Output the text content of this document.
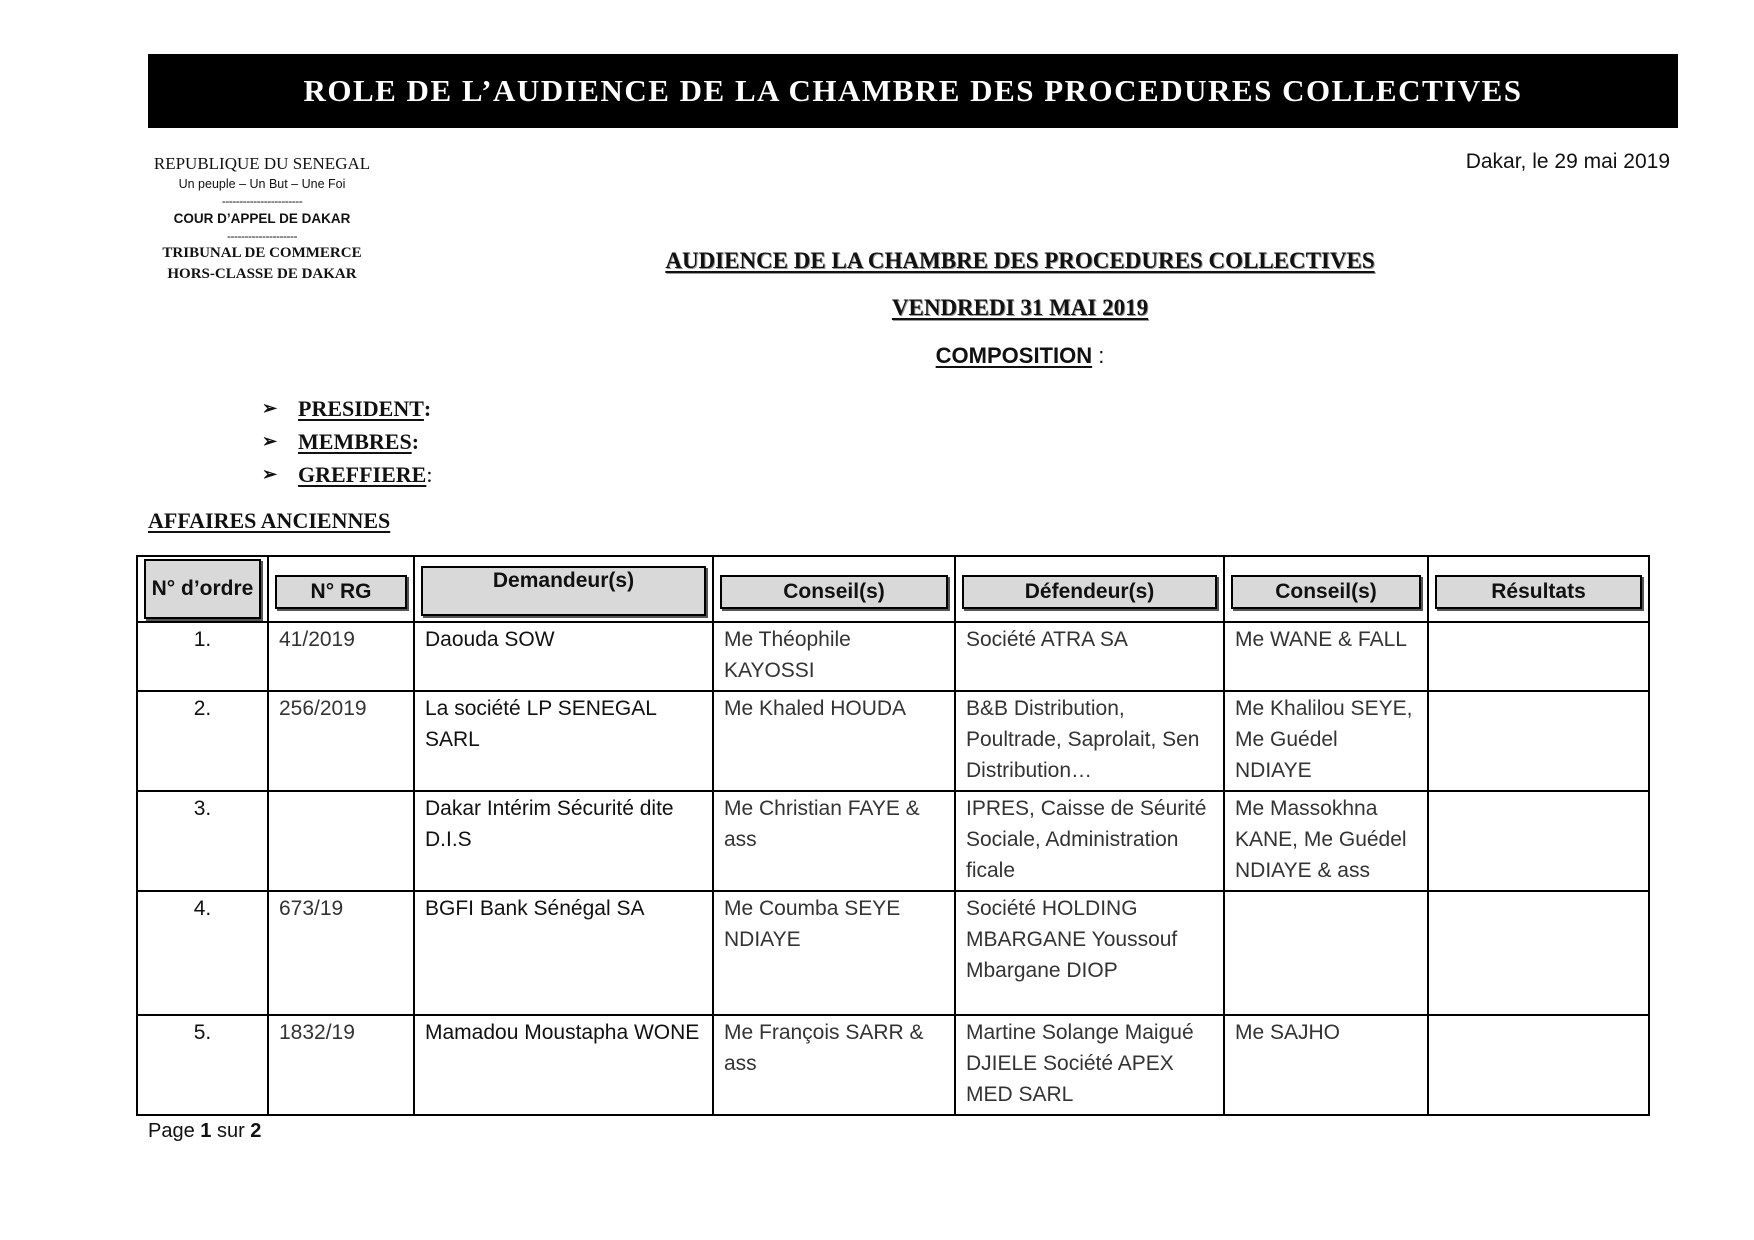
ROLE DE L’AUDIENCE DE LA CHAMBRE DES PROCEDURES COLLECTIVES
REPUBLIQUE DU SENEGAL
Un peuple – Un But – Une Foi
-----------------------
COUR D’APPEL DE DAKAR
--------------------
TRIBUNAL DE COMMERCE
HORS-CLASSE DE DAKAR
Dakar, le 29 mai 2019
AUDIENCE DE LA CHAMBRE DES PROCEDURES COLLECTIVES
VENDREDI 31 MAI 2019
COMPOSITION :
➢ PRESIDENT :
➢ MEMBRES :
➢ GREFFIERE :
AFFAIRES ANCIENNES
N° d’ordre	N° RG	Demandeur(s)	Conseil(s)	Défendeur(s)	Conseil(s)	Résultats

1.	41/2019	Daouda SOW	Me Théophile KAYOSSI	Société ATRA SA	Me WANE & FALL	
2.	256/2019	La société LP SENEGAL SARL	Me Khaled HOUDA	B&B Distribution, Poultrade, Saprolait, Sen Distribution…	Me Khalilou SEYE, Me Guédel NDIAYE	
3.		Dakar Intérim Sécurité dite D.I.S	Me Christian FAYE & ass	IPRES, Caisse de Séurité Sociale, Administration ficale	Me Massokhna KANE, Me Guédel NDIAYE & ass	
4.	673/19	BGFI Bank Sénégal SA	Me Coumba SEYE NDIAYE	Société HOLDING MBARGANE Youssouf Mbargane DIOP		
5.	1832/19	Mamadou Moustapha WONE	Me François SARR & ass	Martine Solange Maigué DJIELE Société APEX MED SARL	Me SAJHO	
Page 1 sur 2
